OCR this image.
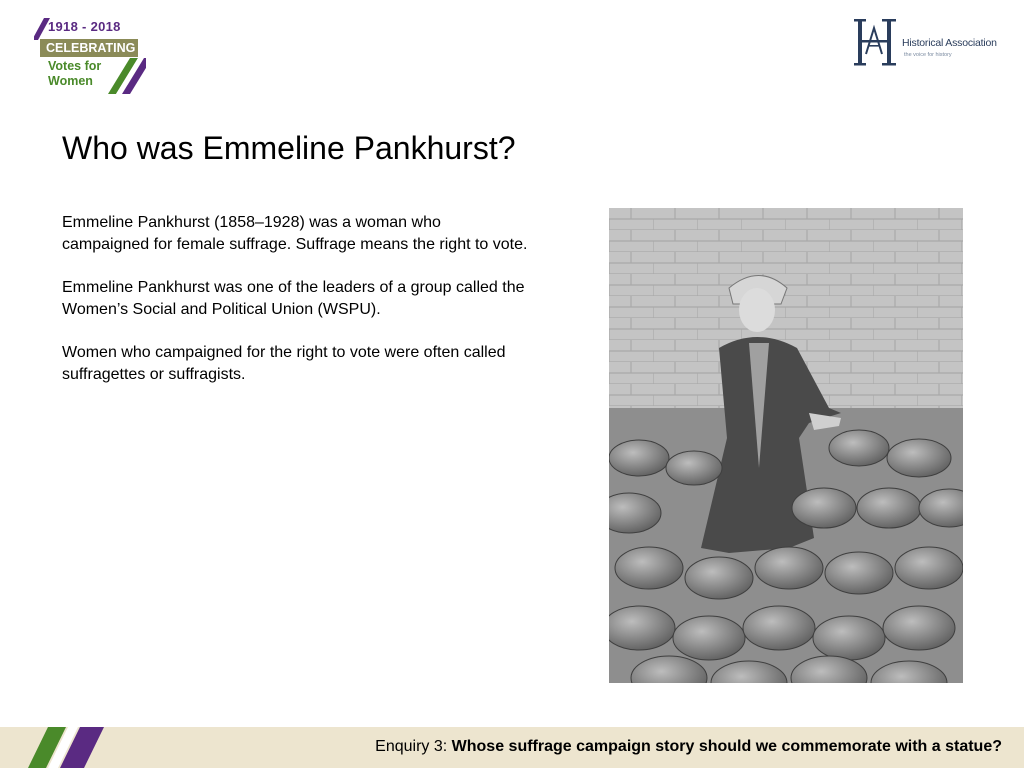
1918 - 2018
CELEBRATING
Votes for
Women
Historical Association
the voice for history
Who was Emmeline Pankhurst?

Emmeline Pankhurst (1858–1928) was a woman who campaigned for female suffrage. Suffrage means the right to vote.

Emmeline Pankhurst was one of the leaders of a group called the Women’s Social and Political Union (WSPU).

Women who campaigned for the right to vote were often called suffragettes or suffragists.

Enquiry 3: Whose suffrage campaign story should we commemorate with a statue?
